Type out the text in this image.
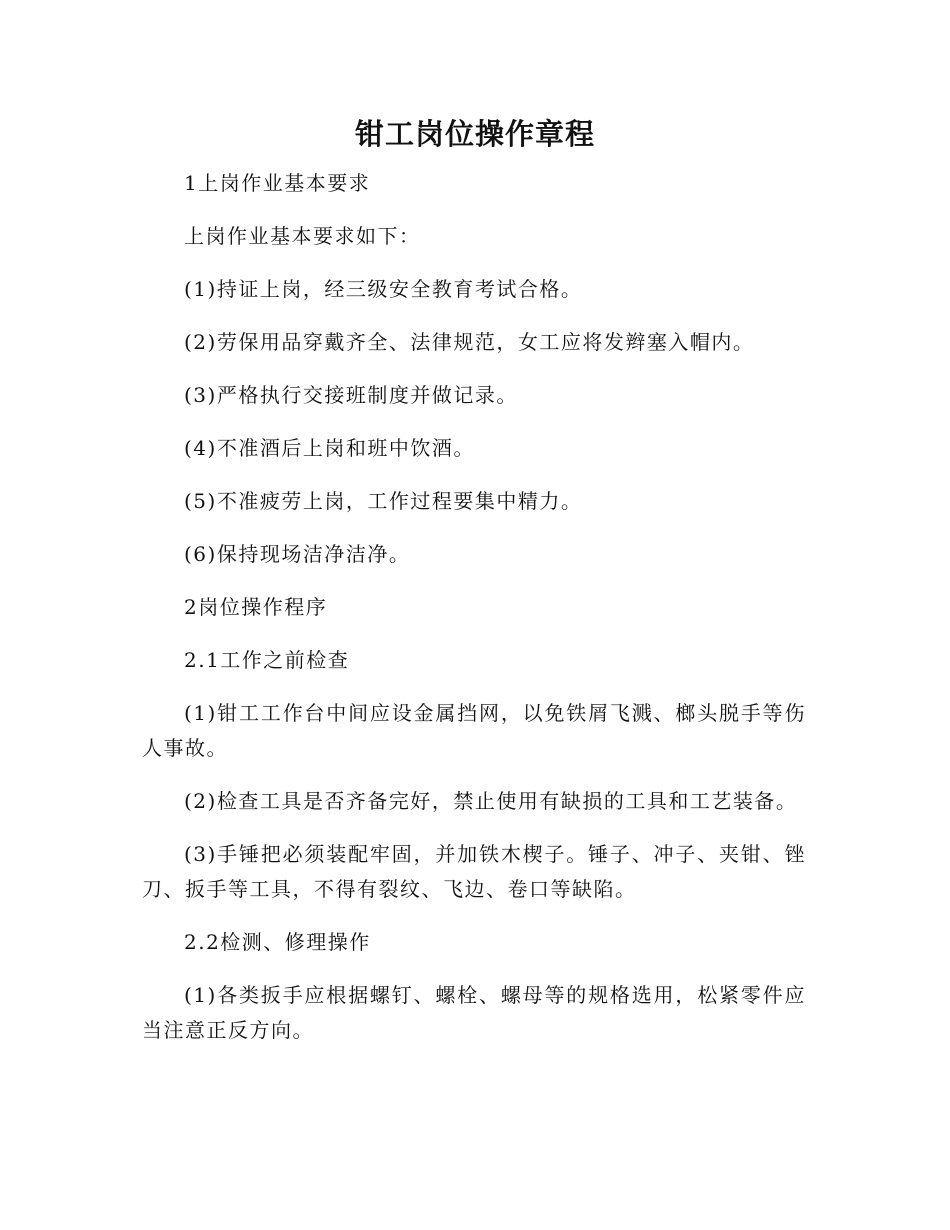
钳工岗位操作章程

1上岗作业基本要求

上岗作业基本要求如下：

(1)持证上岗，经三级安全教育考试合格。

(2)劳保用品穿戴齐全、法律规范，女工应将发辫塞入帽内。

(3)严格执行交接班制度并做记录。

(4)不准酒后上岗和班中饮酒。

(5)不准疲劳上岗，工作过程要集中精力。

(6)保持现场洁净洁净。

2岗位操作程序

2.1工作之前检查

(1)钳工工作台中间应设金属挡网，以免铁屑飞溅、榔头脱手等伤人事故。

(2)检查工具是否齐备完好，禁止使用有缺损的工具和工艺装备。

(3)手锤把必须装配牢固，并加铁木楔子。锤子、冲子、夹钳、锉刀、扳手等工具，不得有裂纹、飞边、卷口等缺陷。

2.2检测、修理操作

(1)各类扳手应根据螺钉、螺栓、螺母等的规格选用，松紧零件应当注意正反方向。
